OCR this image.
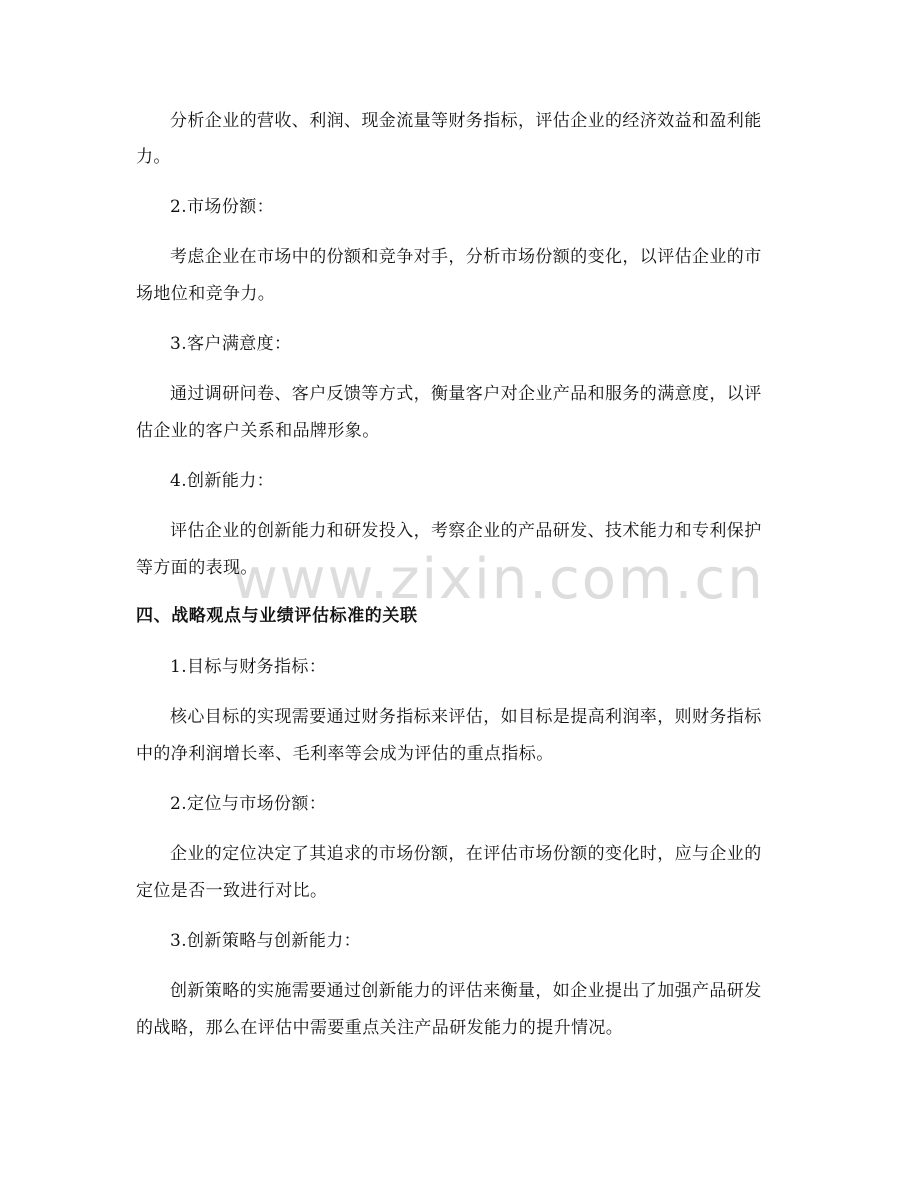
www.zixin.com.cn
分析企业的营收、利润、现金流量等财务指标，评估企业的经济效益和盈利能
力。
2.市场份额：
考虑企业在市场中的份额和竞争对手，分析市场份额的变化，以评估企业的市
场地位和竞争力。
3.客户满意度：
通过调研问卷、客户反馈等方式，衡量客户对企业产品和服务的满意度，以评
估企业的客户关系和品牌形象。
4.创新能力：
评估企业的创新能力和研发投入，考察企业的产品研发、技术能力和专利保护
等方面的表现。
四、战略观点与业绩评估标准的关联
1.目标与财务指标：
核心目标的实现需要通过财务指标来评估，如目标是提高利润率，则财务指标
中的净利润增长率、毛利率等会成为评估的重点指标。
2.定位与市场份额：
企业的定位决定了其追求的市场份额，在评估市场份额的变化时，应与企业的
定位是否一致进行对比。
3.创新策略与创新能力：
创新策略的实施需要通过创新能力的评估来衡量，如企业提出了加强产品研发
的战略，那么在评估中需要重点关注产品研发能力的提升情况。
